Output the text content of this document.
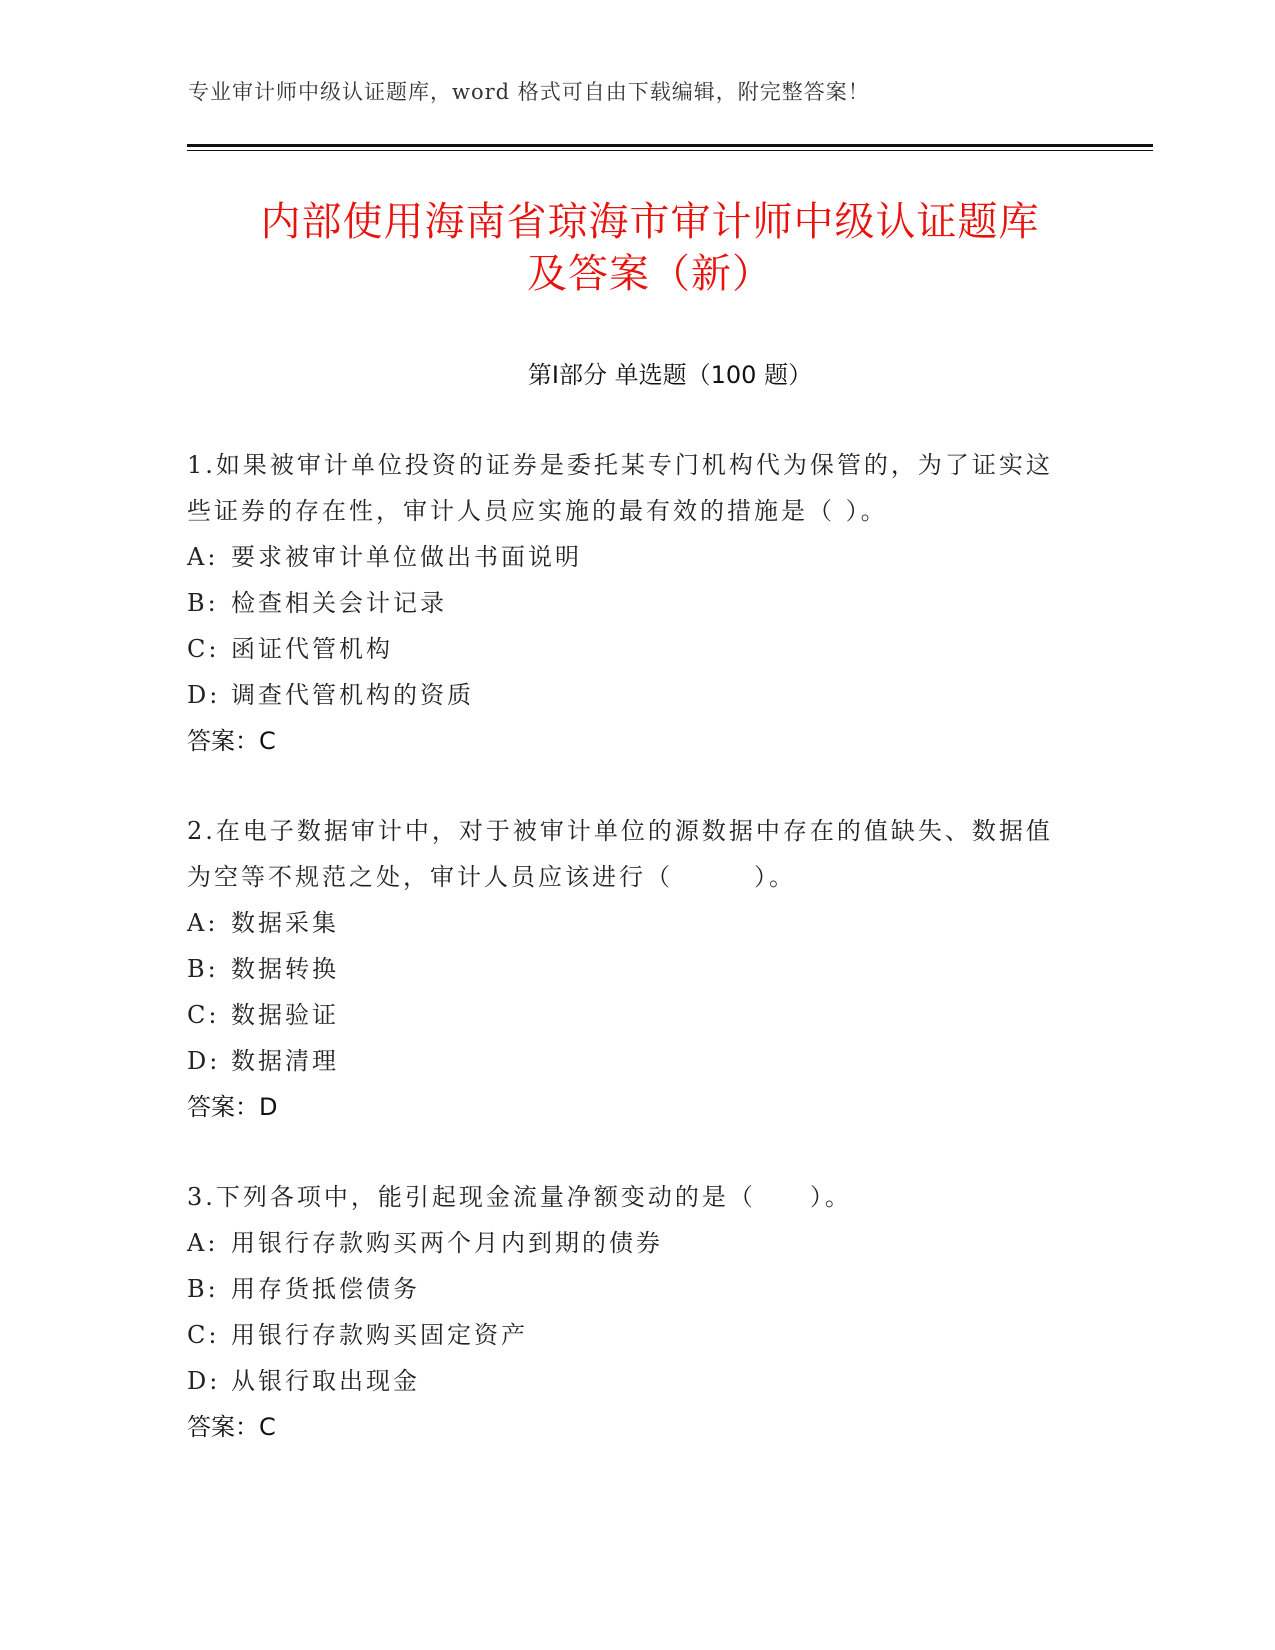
专业审计师中级认证题库，word 格式可自由下载编辑，附完整答案！
内部使用海南省琼海市审计师中级认证题库
及答案（新）
第Ⅰ部分 单选题（100 题）

1.如果被审计单位投资的证券是委托某专门机构代为保管的，为了证实这些证券的存在性，审计人员应实施的最有效的措施是（ ）。

A: 要求被审计单位做出书面说明
B: 检查相关会计记录
C: 函证代管机构
D: 调查代管机构的资质
答案：C

2.在电子数据审计中，对于被审计单位的源数据中存在的值缺失、数据值为空等不规范之处，审计人员应该进行（　　　）。

A: 数据采集
B: 数据转换
C: 数据验证
D: 数据清理
答案：D

3.下列各项中，能引起现金流量净额变动的是（　　）。

A: 用银行存款购买两个月内到期的债券
B: 用存货抵偿债务
C: 用银行存款购买固定资产
D: 从银行取出现金
答案：C
